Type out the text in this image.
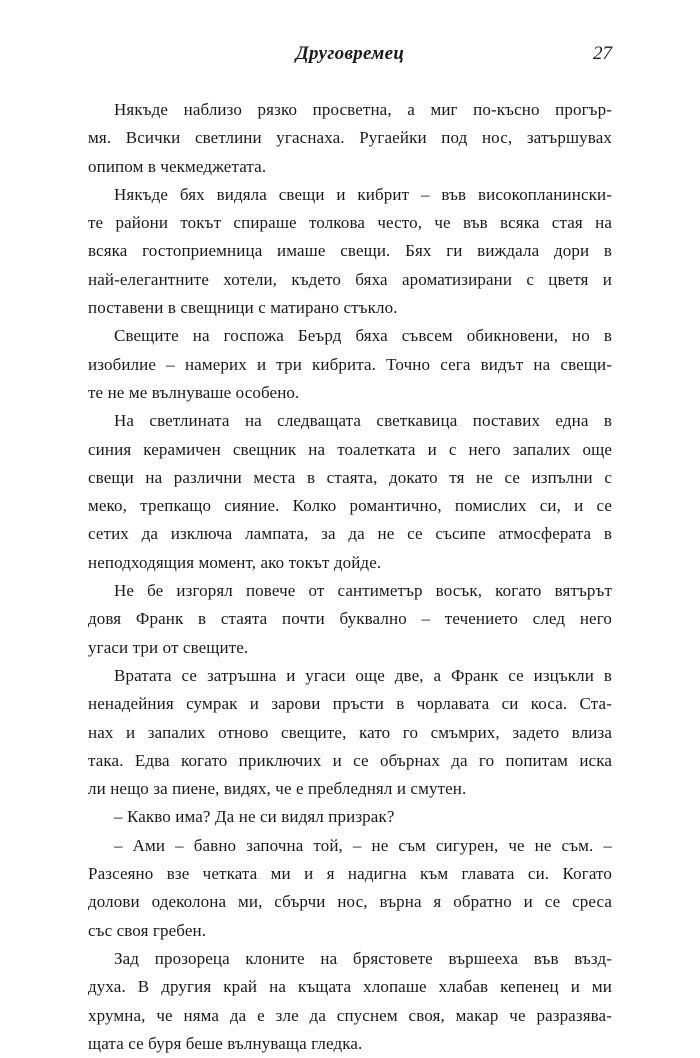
Друговремец	27
Някъде наблизо рязко просветна, а миг по-късно прогър-
мя. Всички светлини угаснаха. Ругаейки под нос, затършувах
опипом в чекмеджетата.
Някъде бях видяла свещи и кибрит – във високопланински-
те райони токът спираше толкова често, че във всяка стая на
всяка гостоприемница имаше свещи. Бях ги виждала дори в
най-елегантните хотели, където бяха ароматизирани с цветя и
поставени в свещници с матирано стъкло.
Свещите на госпожа Беърд бяха съвсем обикновени, но в
изобилие – намерих и три кибрита. Точно сега видът на свещи-
те не ме вълнуваше особено.
На светлината на следващата светкавица поставих една в
синия керамичен свещник на тоалетката и с него запалих още
свещи на различни места в стаята, докато тя не се изпълни с
меко, трепкащо сияние. Колко романтично, помислих си, и се
сетих да изключа лампата, за да не се съсипе атмосферата в
неподходящия момент, ако токът дойде.
Не бе изгорял повече от сантиметър восък, когато вятърът
довя Франк в стаята почти буквално – течението след него
угаси три от свещите.
Вратата се затръшна и угаси още две, а Франк се изцъкли в
ненадейния сумрак и зарови пръсти в чорлавата си коса. Ста-
нах и запалих отново свещите, като го смъмрих, задето влиза
така. Едва когато приключих и се обърнах да го попитам иска
ли нещо за пиене, видях, че е пребледнял и смутен.
– Какво има? Да не си видял призрак?
– Ами – бавно започна той, – не съм сигурен, че не съм. –
Разсеяно взе четката ми и я надигна към главата си. Когато
долови одеколона ми, сбърчи нос, върна я обратно и се среса
със своя гребен.
Зад прозореца клоните на брястовете вършееха във възд-
духа. В другия край на къщата хлопаше хлабав кепенец и ми
хрумна, че няма да е зле да спуснем своя, макар че разразява-
щата се буря беше вълнуваща гледка.
